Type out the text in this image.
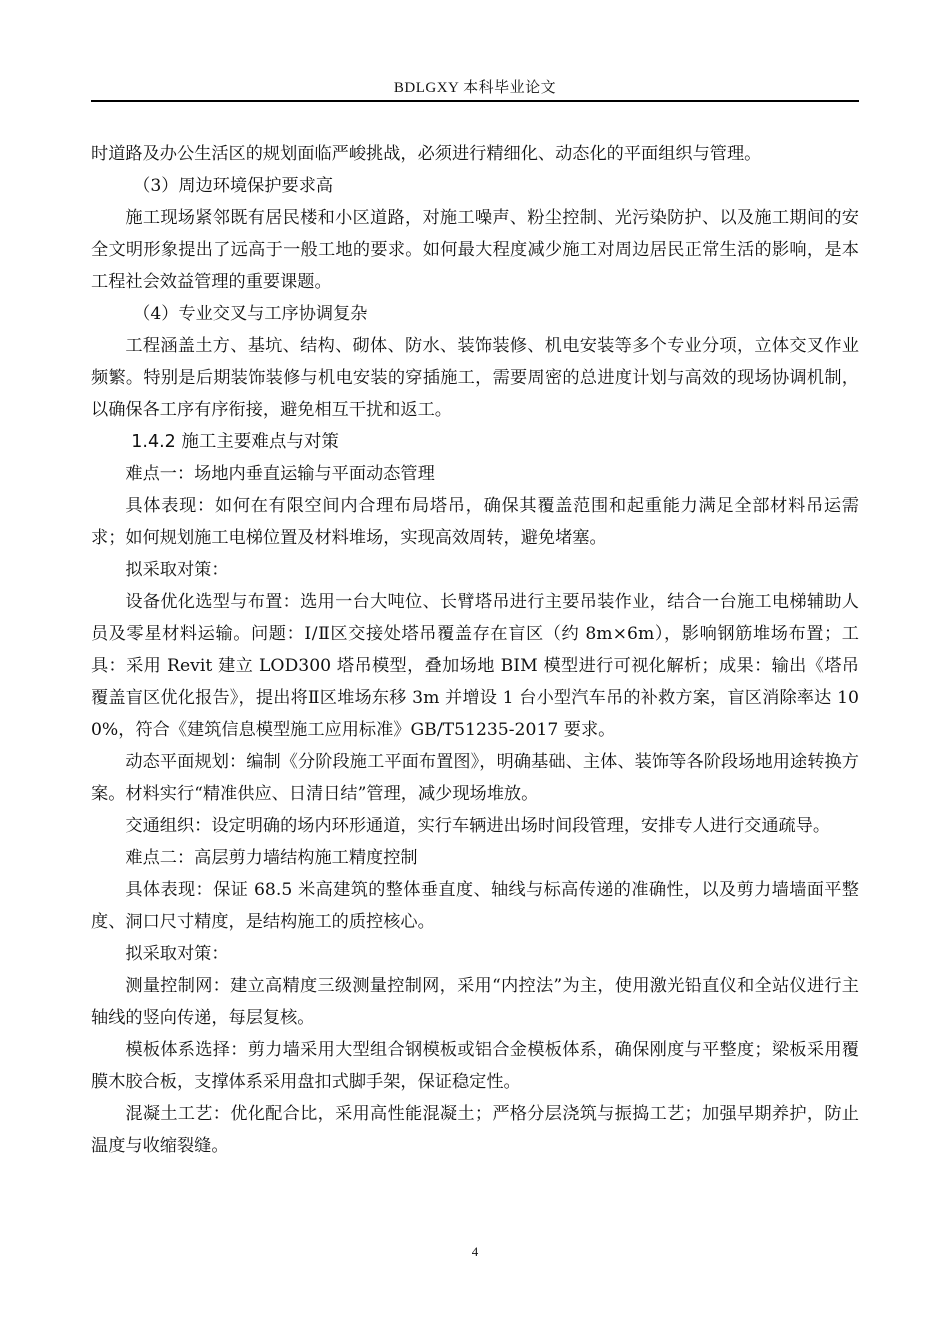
BDLGXY 本科毕业论文

时道路及办公生活区的规划面临严峻挑战，必须进行精细化、动态化的平面组织与管理。

（3）周边环境保护要求高

施工现场紧邻既有居民楼和小区道路，对施工噪声、粉尘控制、光污染防护、以及施工期间的安全文明形象提出了远高于一般工地的要求。如何最大程度减少施工对周边居民正常生活的影响，是本工程社会效益管理的重要课题。

（4）专业交叉与工序协调复杂

工程涵盖土方、基坑、结构、砌体、防水、装饰装修、机电安装等多个专业分项，立体交叉作业频繁。特别是后期装饰装修与机电安装的穿插施工，需要周密的总进度计划与高效的现场协调机制，以确保各工序有序衔接，避免相互干扰和返工。

1.4.2 施工主要难点与对策

难点一：场地内垂直运输与平面动态管理

具体表现：如何在有限空间内合理布局塔吊，确保其覆盖范围和起重能力满足全部材料吊运需求；如何规划施工电梯位置及材料堆场，实现高效周转，避免堵塞。

拟采取对策：

设备优化选型与布置：选用一台大吨位、长臂塔吊进行主要吊装作业，结合一台施工电梯辅助人员及零星材料运输。问题：Ⅰ/Ⅱ区交接处塔吊覆盖存在盲区（约 8m×6m），影响钢筋堆场布置；工具：采用 Revit 建立 LOD300 塔吊模型，叠加场地 BIM 模型进行可视化解析；成果：输出《塔吊覆盖盲区优化报告》，提出将Ⅱ区堆场东移 3m 并增设 1 台小型汽车吊的补救方案，盲区消除率达 100%，符合《建筑信息模型施工应用标准》GB/T51235-2017 要求。

动态平面规划：编制《分阶段施工平面布置图》，明确基础、主体、装饰等各阶段场地用途转换方案。材料实行“精准供应、日清日结”管理，减少现场堆放。

交通组织：设定明确的场内环形通道，实行车辆进出场时间段管理，安排专人进行交通疏导。

难点二：高层剪力墙结构施工精度控制

具体表现：保证 68.5 米高建筑的整体垂直度、轴线与标高传递的准确性，以及剪力墙墙面平整度、洞口尺寸精度，是结构施工的质控核心。

拟采取对策：

测量控制网：建立高精度三级测量控制网，采用“内控法”为主，使用激光铅直仪和全站仪进行主轴线的竖向传递，每层复核。

模板体系选择：剪力墙采用大型组合钢模板或铝合金模板体系，确保刚度与平整度；梁板采用覆膜木胶合板，支撑体系采用盘扣式脚手架，保证稳定性。

混凝土工艺：优化配合比，采用高性能混凝土；严格分层浇筑与振捣工艺；加强早期养护，防止温度与收缩裂缝。

4
